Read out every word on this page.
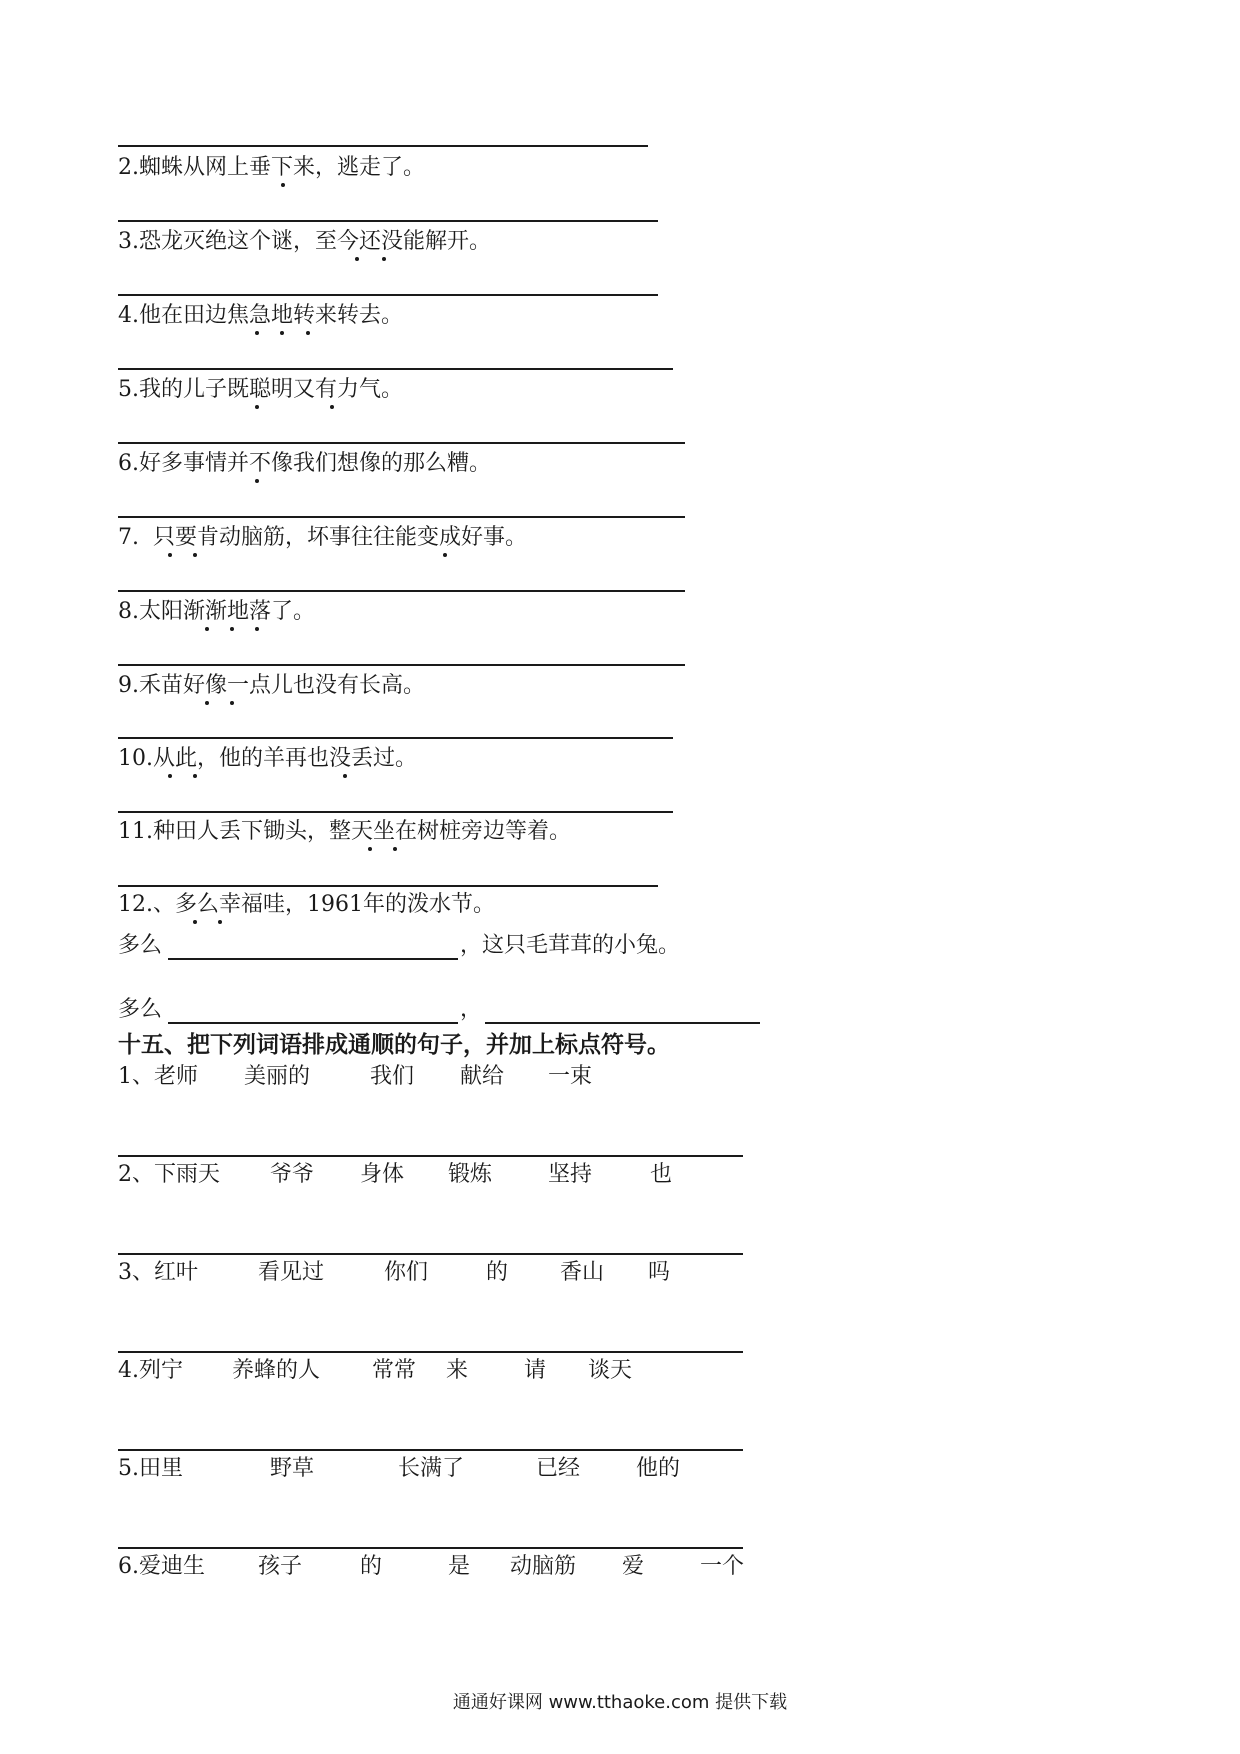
2.蜘蛛从网上垂下来，逃走了。
3.恐龙灭绝这个谜，至今还没能解开。
4.他在田边焦急地转来转去。
5.我的儿子既聪明又有力气。
6.好多事情并不像我们想像的那么糟。
7.  只要肯动脑筋，坏事往往能变成好事。
8.太阳渐渐地落了。
9.禾苗好像一点儿也没有长高。
10.从此，他的羊再也没丢过。
11.种田人丢下锄头，整天坐在树桩旁边等着。
12.、多么幸福哇，1961年的泼水节。
多么	，这只毛茸茸的小兔。
多么	，
十五、把下列词语排成通顺的句子，并加上标点符号。
1、老师 美丽的	我们 献给 一束
2、下雨天 爷爷 身体 锻炼	坚持	也
3、红叶	看见过	你们	的 香山 吗
4.列宁 养蜂的人 常常 来	请 谈天
5.田里	野草	长满了	已经	他的
6.爱迪生 孩子	的	是 动脑筋 爱	一个
通通好课网 www.tthaoke.com 提供下载
